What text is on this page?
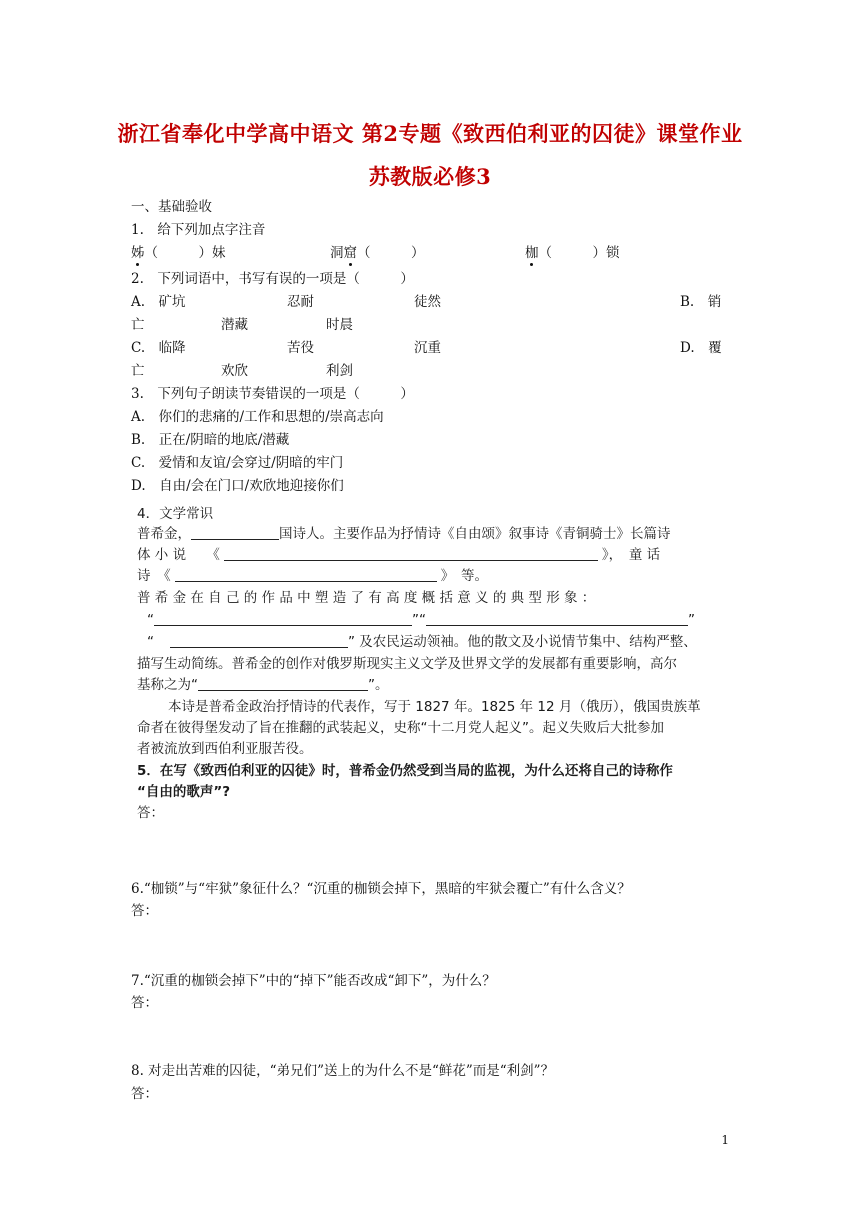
浙江省奉化中学高中语文 第2专题《致西伯利亚的囚徒》课堂作业
苏教版必修3
一、基础验收
1.　给下列加点字注音
姊（　　　）妹	洞窟（　　　）	枷（　　　）锁
2.　下列词语中，书写有误的一项是（　　　）
A.　矿坑	忍耐	徒然	B.　销
亡	潜藏	时晨
C.　临降	苦役	沉重	D.　覆
亡	欢欣	利剑
3.　下列句子朗读节奏错误的一项是（　　　）
A.　你们的悲痛的/工作和思想的/崇高志向
B.　正在/阴暗的地底/潜藏
C.　爱情和友谊/会穿过/阴暗的牢门
D.　自由/会在门口/欢欣地迎接你们
4．文学常识
普希金，	国诗人。主要作品为抒情诗《自由颂》叙事诗《青铜骑士》长篇诗
体 小 说　　《	》，　童 话
诗　《	》　等。
普 希 金 在 自 己 的 作 品 中 塑 造 了 有 高 度 概 括 意 义 的 典 型 形 象 ：
“	”“	”
“	” 及农民运动领袖。他的散文及小说情节集中、结构严整、
描写生动简练。普希金的创作对俄罗斯现实主义文学及世界文学的发展都有重要影响，高尔
基称之为“	”。
本诗是普希金政治抒情诗的代表作，写于 1827 年。1825 年 12 月（俄历），俄国贵族革
命者在彼得堡发动了旨在推翻的武装起义，史称“十二月党人起义”。起义失败后大批参加
者被流放到西伯利亚服苦役。
5．在写《致西伯利亚的囚徒》时，普希金仍然受到当局的监视，为什么还将自己的诗称作
“自由的歌声”?
答：
6.“枷锁”与“牢狱”象征什么？“沉重的枷锁会掉下，黑暗的牢狱会覆亡”有什么含义？
答：
7.“沉重的枷锁会掉下”中的“掉下”能否改成“卸下”，为什么？
答：
8. 对走出苦难的囚徒，“弟兄们”送上的为什么不是“鲜花”而是“利剑”？
答：
1
